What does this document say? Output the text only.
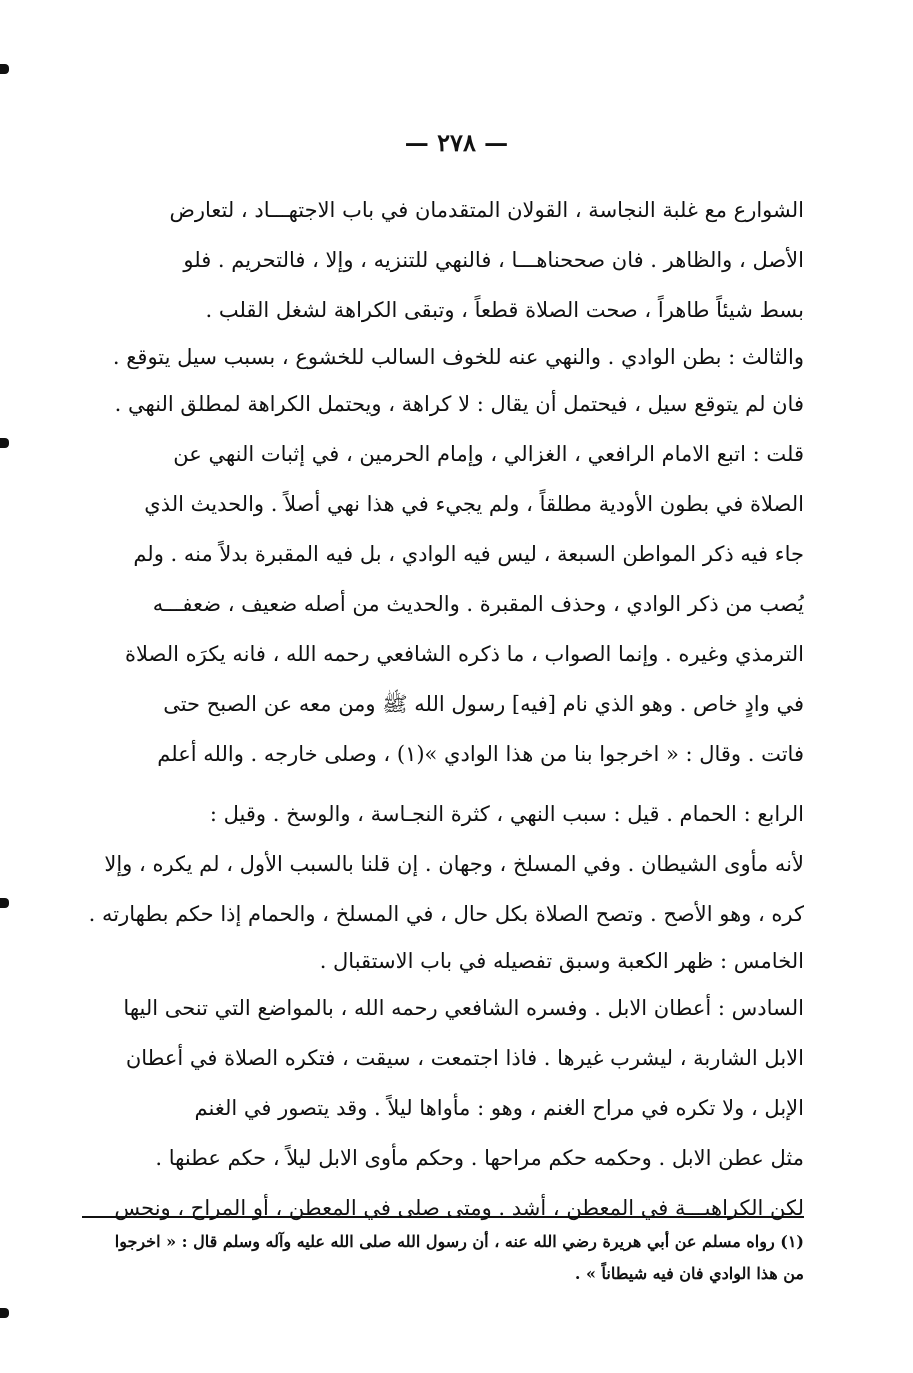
— ٢٧٨ —
الشوارع مع غلبة النجاسة ، القولان المتقدمان في باب الاجتهـــاد ، لتعارض
الأصل ، والظاهر . فان صححناهـــا ، فالنهي للتنزيه ، وإلا ، فالتحريم . فلو
بسط شيئاً طاهراً ، صحت الصلاة قطعاً ، وتبقى الكراهة لشغل القلب .
والثالث : بطن الوادي . والنهي عنه للخوف السالب للخشوع ، بسبب سيل يتوقع .
فان لم يتوقع سيل ، فيحتمل أن يقال : لا كراهة ، ويحتمل الكراهة لمطلق النهي .
قلت : اتبع الامام الرافعي ، الغزالي ، وإمام الحرمين ، في إثبات النهي عن
الصلاة في بطون الأودية مطلقاً ، ولم يجيء في هذا نهي أصلاً . والحديث الذي
جاء فيه ذكر المواطن السبعة ، ليس فيه الوادي ، بل فيه المقبرة بدلاً منه . ولم
يُصب من ذكر الوادي ، وحذف المقبرة . والحديث من أصله ضعيف ، ضعفـــه
الترمذي وغيره . وإنما الصواب ، ما ذكره الشافعي رحمه الله ، فانه يكرَه الصلاة
في وادٍ خاص . وهو الذي نام [فيه] رسول الله ﷺ ومن معه عن الصبح حتى
فاتت . وقال : « اخرجوا بنا من هذا الوادي »(١) ، وصلى خارجه . والله أعلم
الرابع : الحمام . قيل : سبب النهي ، كثرة النجـاسة ، والوسخ . وقيل :
لأنه مأوى الشيطان . وفي المسلخ ، وجهان . إن قلنا بالسبب الأول ، لم يكره ، وإلا
كره ، وهو الأصح . وتصح الصلاة بكل حال ، في المسلخ ، والحمام إذا حكم بطهارته .
الخامس : ظهر الكعبة وسبق تفصيله في باب الاستقبال .
السادس : أعطان الابل . وفسره الشافعي رحمه الله ، بالمواضع التي تنحى اليها
الابل الشاربة ، ليشرب غيرها . فاذا اجتمعت ، سيقت ، فتكره الصلاة في أعطان
الإبل ، ولا تكره في مراح الغنم ، وهو : مأواها ليلاً . وقد يتصور في الغنم
مثل عطن الابل . وحكمه حكم مراحها . وحكم مأوى الابل ليلاً ، حكم عطنها .
لكن الكراهيـــة في المعطن ، أشد . ومتى صلى في المعطن ، أو المراح ، ونجس
(١) رواه مسلم عن أبي هريرة رضي الله عنه ، أن رسول الله صلى الله عليه وآله وسلم قال : « اخرجوا
من هذا الوادي فان فيه شيطاناً » .
